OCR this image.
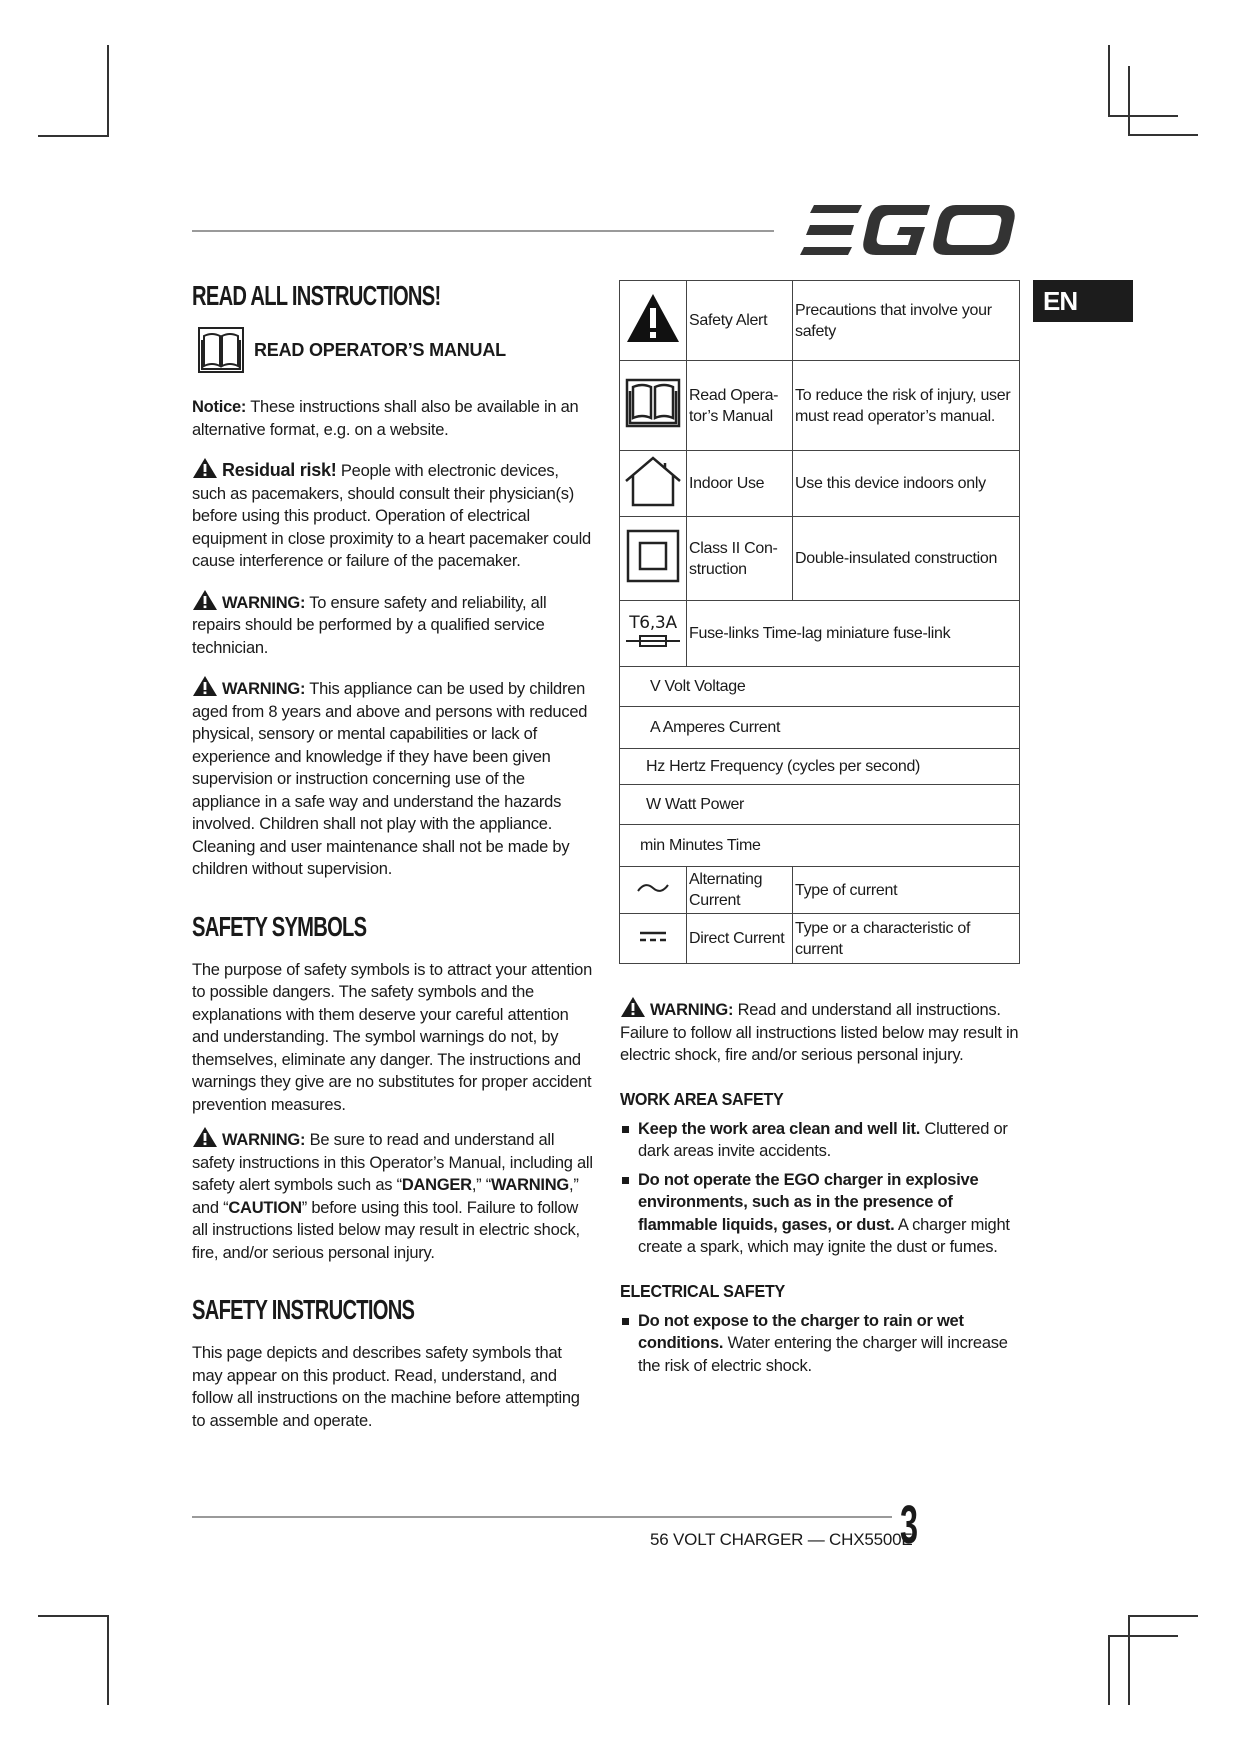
EN
READ ALL INSTRUCTIONS!
READ OPERATOR’S MANUAL

Notice: These instructions shall also be available in an alternative format, e.g. on a website.

Residual risk! People with electronic devices, such as pacemakers, should consult their physician(s) before using this product. Operation of electrical equipment in close proximity to a heart pacemaker could cause interference or failure of the pacemaker.

WARNING: To ensure safety and reliability, all repairs should be performed by a qualified service technician.

WARNING: This appliance can be used by children aged from 8 years and above and persons with reduced physical, sensory or mental capabilities or lack of experience and knowledge if they have been given supervision or instruction concerning use of the appliance in a safe way and understand the hazards involved. Children shall not play with the appliance. Cleaning and user maintenance shall not be made by children without supervision.

SAFETY SYMBOLS

The purpose of safety symbols is to attract your attention to possible dangers. The safety symbols and the explanations with them deserve your careful attention and understanding. The symbol warnings do not, by themselves, eliminate any danger. The instructions and warnings they give are no substitutes for proper accident prevention measures.

WARNING: Be sure to read and understand all safety instructions in this Operator’s Manual, including all safety alert symbols such as “DANGER,” “WARNING,” and “CAUTION” before using this tool. Failure to follow all instructions listed below may result in electric shock, fire, and/or serious personal injury.

SAFETY INSTRUCTIONS

This page depicts and describes safety symbols that may appear on this product. Read, understand, and follow all instructions on the machine before attempting to assemble and operate.

	Safety Alert	Precautions that involve your safety
	Read Operator’s Manual	To reduce the risk of injury, user must read operator’s manual.
	Indoor Use	Use this device indoors only
	Class II Construction	Double-insulated construction

T6,3A	Fuse-links Time-lag miniature fuse-link	
V Volt Voltage		
A Amperes Current		
Hz Hertz Frequency (cycles per second)		
W Watt Power		
min Minutes Time		
	Alternating Current	Type of current
	Direct Current	Type or a characteristic of current

WARNING: Read and understand all instructions. Failure to follow all instructions listed below may result in electric shock, fire and/or serious personal injury.

WORK AREA SAFETY
Keep the work area clean and well lit. Cluttered or dark areas invite accidents.
Do not operate the EGO charger in explosive environments, such as in the presence of flammable liquids, gases, or dust. A charger might create a spark, which may ignite the dust or fumes.
ELECTRICAL SAFETY
Do not expose to the charger to rain or wet conditions. Water entering the charger will increase the risk of electric shock.
56 VOLT CHARGER — CHX5500E
3
